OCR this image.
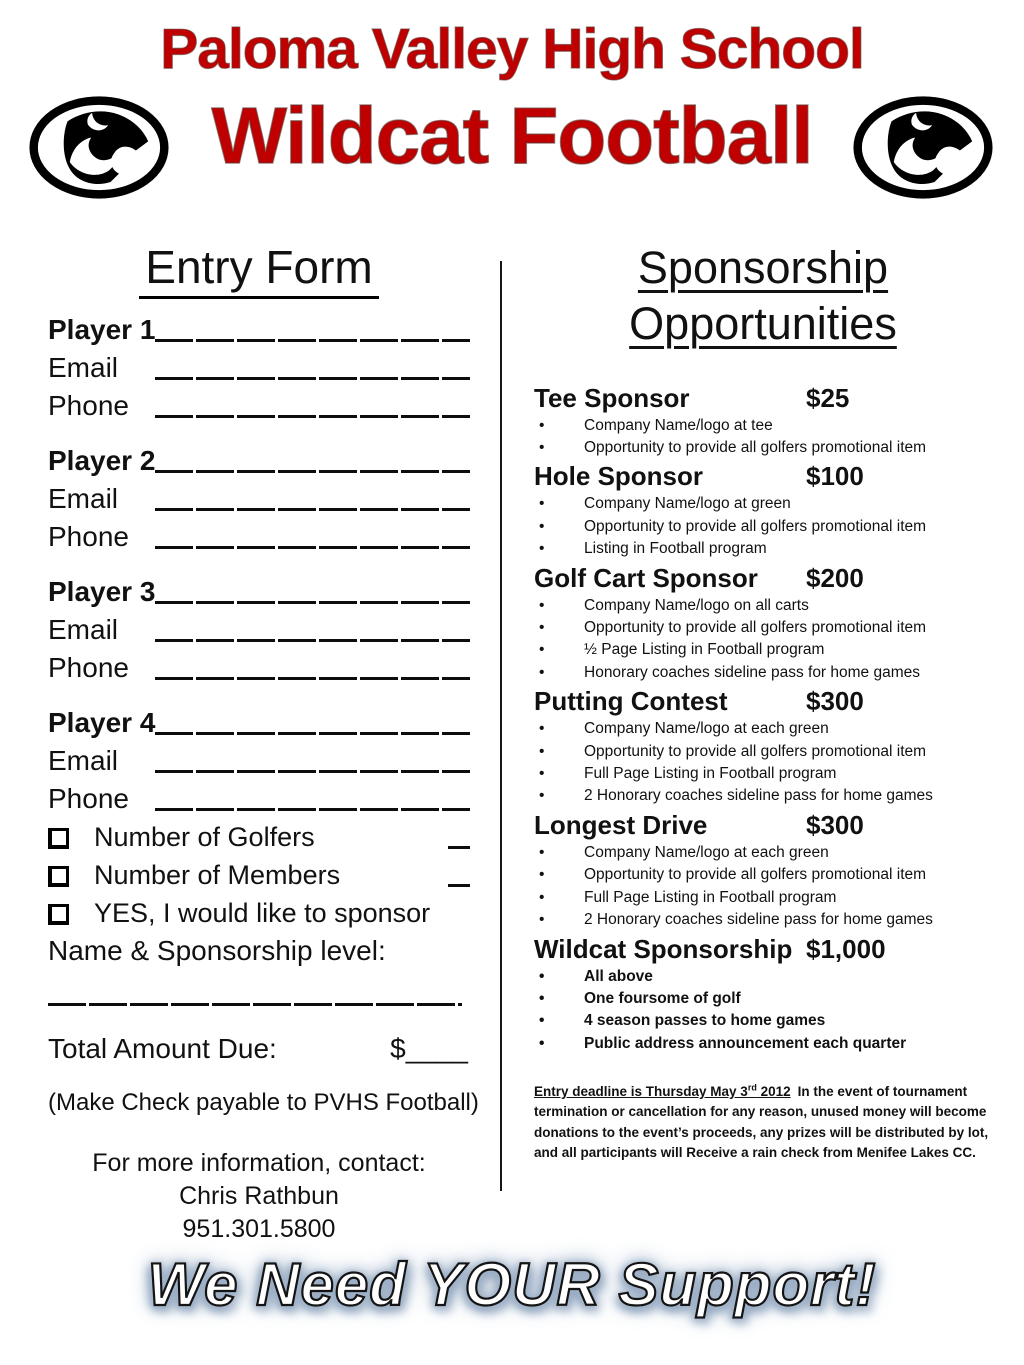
Paloma Valley High School
Wildcat Football
Entry Form
Player 1
Email
Phone
Player 2
Email
Phone
Player 3
Email
Phone
Player 4
Email
Phone
Number of Golfers
Number of Members
YES, I would like to sponsor
Name & Sponsorship level:
Total Amount Due:	$____
(Make Check payable to PVHS Football)
For more information, contact:
Chris Rathbun
951.301.5800
Sponsorship
Opportunities
Tee Sponsor	$25
• Company Name/logo at tee
• Opportunity to provide all golfers promotional item
Hole Sponsor	$100
• Company Name/logo at green
• Opportunity to provide all golfers promotional item
• Listing in Football program
Golf Cart Sponsor	$200
• Company Name/logo on all carts
• Opportunity to provide all golfers promotional item
• ½ Page Listing in Football program
• Honorary coaches sideline pass for home games
Putting Contest	$300
• Company Name/logo at each green
• Opportunity to provide all golfers promotional item
• Full Page Listing in Football program
• 2 Honorary coaches sideline pass for home games
Longest Drive	$300
• Company Name/logo at each green
• Opportunity to provide all golfers promotional item
• Full Page Listing in Football program
• 2 Honorary coaches sideline pass for home games
Wildcat Sponsorship $1,000
• All above
• One foursome of golf
• 4 season passes to home games
• Public address announcement each quarter

Entry deadline is Thursday May 3rd 2012 In the event of tournament termination or cancellation for any reason, unused money will become donations to the event’s proceeds, any prizes will be distributed by lot, and all participants will Receive a rain check from Menifee Lakes CC.

We Need YOUR Support!
